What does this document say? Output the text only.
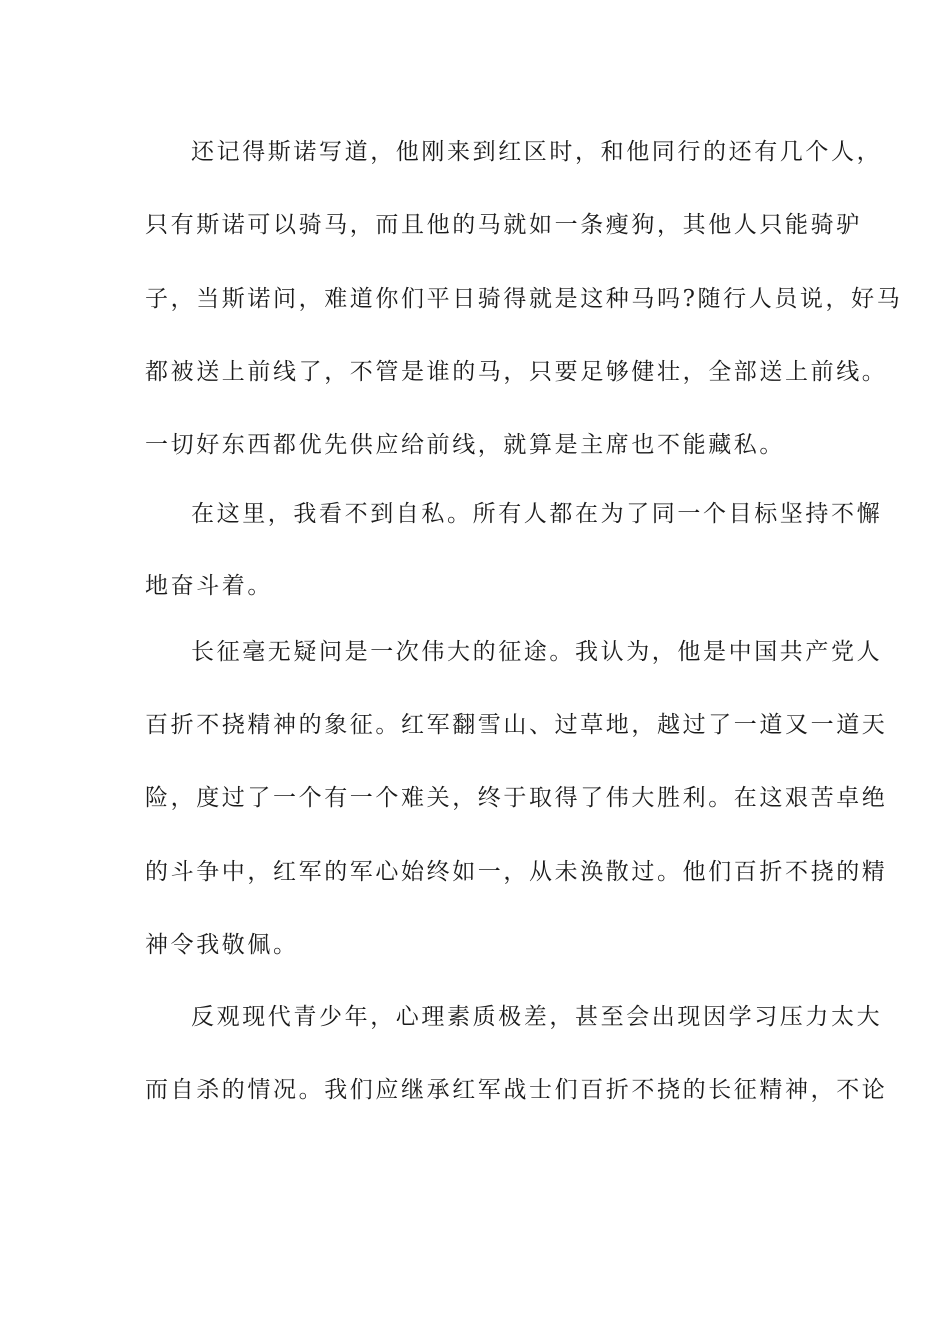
还记得斯诺写道，他刚来到红区时，和他同行的还有几个人，
只有斯诺可以骑马，而且他的马就如一条瘦狗，其他人只能骑驴
子，当斯诺问，难道你们平日骑得就是这种马吗?随行人员说，好马
都被送上前线了，不管是谁的马，只要足够健壮，全部送上前线。
一切好东西都优先供应给前线，就算是主席也不能藏私。
在这里，我看不到自私。所有人都在为了同一个目标坚持不懈
地奋斗着。
长征毫无疑问是一次伟大的征途。我认为，他是中国共产党人
百折不挠精神的象征。红军翻雪山、过草地，越过了一道又一道天
险，度过了一个有一个难关，终于取得了伟大胜利。在这艰苦卓绝
的斗争中，红军的军心始终如一，从未涣散过。他们百折不挠的精
神令我敬佩。
反观现代青少年，心理素质极差，甚至会出现因学习压力太大
而自杀的情况。我们应继承红军战士们百折不挠的长征精神，不论
